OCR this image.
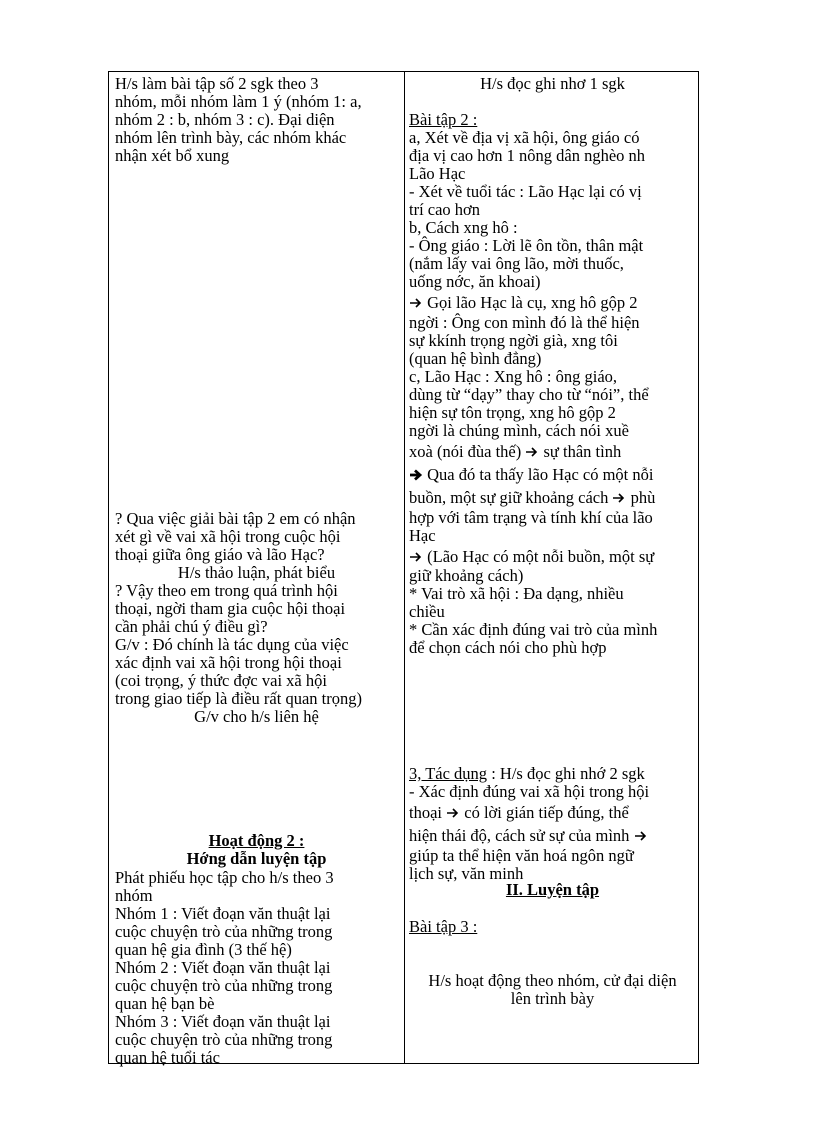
H/s làm bài tập số 2 sgk theo 3
nhóm, mỗi nhóm làm 1 ý (nhóm 1: a,
nhóm 2 : b, nhóm 3 : c). Đại diện
nhóm lên trình bày, các nhóm khác
nhận xét bổ xung
? Qua việc giải bài tập 2 em có nhận
xét gì về vai xã hội trong cuộc hội
thoại giữa ông giáo và lão Hạc?
H/s thảo luận, phát biểu
? Vậy theo em trong quá trình hội
thoại, ngời tham gia cuộc hội thoại
cần phải chú ý điều gì?
G/v : Đó chính là tác dụng của việc
xác định vai xã hội trong hội thoại
(coi trọng, ý thức đợc vai xã hội
trong giao tiếp là điều rất quan trọng)
G/v cho h/s liên hệ
Hoạt động 2 :
Hớng dẫn luyện tập
Phát phiếu học tập cho h/s theo 3
nhóm
Nhóm 1 : Viết đoạn văn thuật lại
cuộc chuyện trò của những trong
quan hệ gia đình (3 thế hệ)
Nhóm 2 : Viết đoạn văn thuật lại
cuộc chuyện trò của những trong
quan hệ bạn bè
Nhóm 3 : Viết đoạn văn thuật lại
cuộc chuyện trò của những trong
quan hệ tuổi tác
H/s đọc ghi nhơ 1 sgk
Bài tập 2 :
a, Xét về địa vị xã hội, ông giáo có
địa vị cao hơn 1 nông dân nghèo nh
Lão Hạc
- Xét về tuổi tác : Lão Hạc lại có vị
trí cao hơn
b, Cách xng hô :
- Ông giáo : Lời lẽ ôn tồn, thân mật
(nắm lấy vai ông lão, mời thuốc,
uống nớc, ăn khoai)
Gọi lão Hạc là cụ, xng hô gộp 2
ngời : Ông con mình đó là thể hiện
sự kkính trọng ngời già, xng tôi
(quan hệ bình đẳng)
c, Lão Hạc : Xng hô : ông giáo,
dùng từ “dạy” thay cho từ “nói”, thể
hiện sự tôn trọng, xng hô gộp 2
ngời là chúng mình, cách nói xuề
xoà (nói đùa thế) sự thân tình
Qua đó ta thấy lão Hạc có một nỗi
buồn, một sự giữ khoảng cách phù
hợp với tâm trạng và tính khí của lão
Hạc
(Lão Hạc có một nỗi buồn, một sự
giữ khoảng cách)
* Vai trò xã hội : Đa dạng, nhiều
chiều
* Cần xác định đúng vai trò của mình
để chọn cách nói cho phù hợp
3, Tác dụng : H/s đọc ghi nhớ 2 sgk
- Xác định đúng vai xã hội trong hội
thoại có lời gián tiếp đúng, thể
hiện thái độ, cách sử sự của mình
giúp ta thể hiện văn hoá ngôn ngữ
lịch sự, văn minh
II. Luyện tập
Bài tập 3 :
H/s hoạt động theo nhóm, cử đại diện
lên trình bày
